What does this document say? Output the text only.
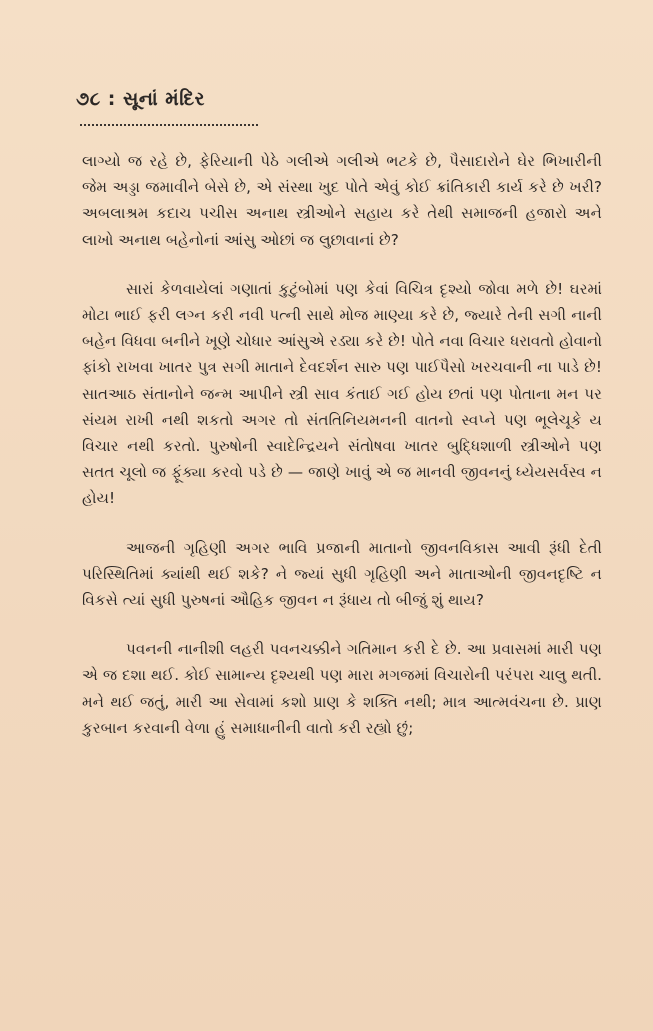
૭૮ : સૂનાં મંદિર

લાગ્યો જ રહે છે, ફેરિયાની પેઠે ગલીએ ગલીએ ભટકે છે, પૈસાદારોને ઘેર ભિખારીની જેમ અડ્ડા જમાવીને બેસે છે, એ સંસ્થા ખુદ પોતે એવું કોઈ ક્રાંતિકારી કાર્ય કરે છે ખરી? અબલાશ્રમ કદાચ પચીસ અનાથ સ્ત્રીઓને સહાય કરે તેથી સમાજની હજારો અને લાખો અનાથ બહેનોનાં આંસુ ઓછાં જ લુછાવાનાં છે?

સારાં કેળવાયેલાં ગણાતાં કુટુંબોમાં પણ કેવાં વિચિત્ર દૃશ્યો જોવા મળે છે! ઘરમાં મોટા ભાઈ ફરી લગ્ન કરી નવી પત્ની સાથે મોજ માણ્યા કરે છે, જ્યારે તેની સગી નાની બહેન વિધવા બનીને ખૂણે ચોધાર આંસુએ રડ્યા કરે છે! પોતે નવા વિચાર ધરાવતો હોવાનો ફાંકો રાખવા ખાતર પુત્ર સગી માતાને દેવદર્શન સારુ પણ પાઈપૈસો ખરચવાની ના પાડે છે! સાતઆઠ સંતાનોને જન્મ આપીને સ્ત્રી સાવ કંતાઈ ગઈ હોય છતાં પણ પોતાના મન પર સંયમ રાખી નથી શકતો અગર તો સંતતિનિયમનની વાતનો સ્વપ્ને પણ ભૂલેચૂકે ય વિચાર નથી કરતો. પુરુષોની સ્વાદેન્દ્રિયને સંતોષવા ખાતર બુદ્ધિશાળી સ્ત્રીઓને પણ સતત ચૂલો જ ફૂંક્યા કરવો પડે છે — જાણે ખાવું એ જ માનવી જીવનનું ધ્યેયસર્વસ્વ ન હોય!

આજની ગૃહિણી અગર ભાવિ પ્રજાની માતાનો જીવનવિકાસ આવી રૂંધી દેતી પરિસ્થિતિમાં ક્યાંથી થઈ શકે? ને જ્યાં સુધી ગૃહિણી અને માતાઓની જીવનદૃષ્ટિ ન વિકસે ત્યાં સુધી પુરુષનાં ઔહિક જીવન ન રૂંધાય તો બીજું શું થાય?

પવનની નાનીશી લહરી પવનચક્કીને ગતિમાન કરી દે છે. આ પ્રવાસમાં મારી પણ એ જ દશા થઈ. કોઈ સામાન્ય દૃશ્યથી પણ મારા મગજમાં વિચારોની પરંપરા ચાલુ થતી. મને થઈ જતું, મારી આ સેવામાં કશો પ્રાણ કે શક્તિ નથી; માત્ર આત્મવંચના છે. પ્રાણ કુરબાન કરવાની વેળા હું સમાધાનીની વાતો કરી રહ્યો છું;
